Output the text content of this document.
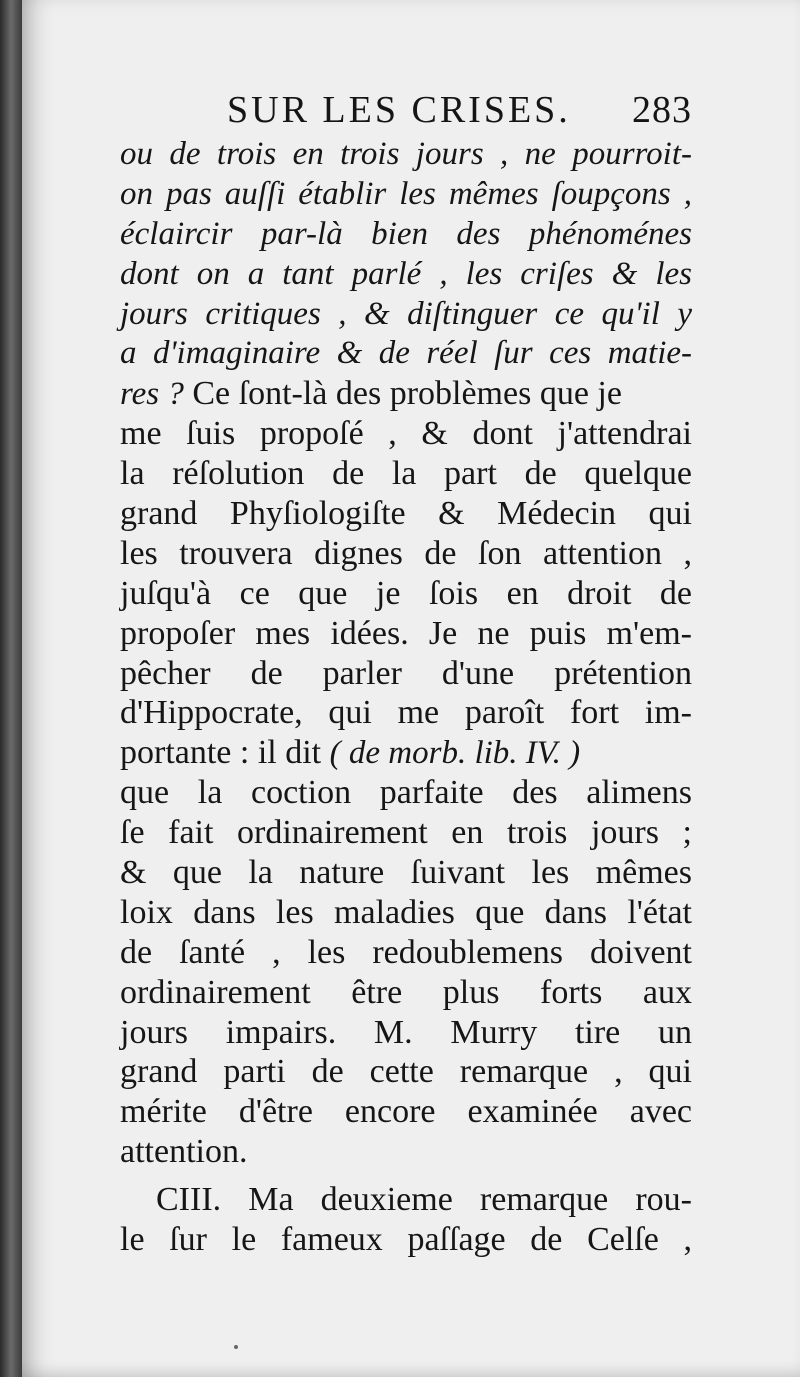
SUR LES CRISES. 283
ou de trois en trois jours , ne pourroit-
on pas auſſi établir les mêmes ſoupçons ,
éclaircir par-là bien des phénoménes
dont on a tant parlé , les criſes & les
jours critiques , & diſtinguer ce qu'il y
a d'imaginaire & de réel ſur ces matie-
res ? Ce ſont-là des problèmes que je
me ſuis propoſé , & dont j'attendrai
la réſolution de la part de quelque
grand Phyſiologiſte & Médecin qui
les trouvera dignes de ſon attention ,
juſqu'à ce que je ſois en droit de
propoſer mes idées. Je ne puis m'em-
pêcher de parler d'une prétention
d'Hippocrate, qui me paroît fort im-
portante : il dit ( de morb. lib. IV. )
que la coction parfaite des alimens
ſe fait ordinairement en trois jours ;
& que la nature ſuivant les mêmes
loix dans les maladies que dans l'état
de ſanté , les redoublemens doivent
ordinairement être plus forts aux
jours impairs. M. Murry tire un
grand parti de cette remarque , qui
mérite d'être encore examinée avec
attention.
CIII. Ma deuxieme remarque rou-
le ſur le fameux paſſage de Celſe ,
